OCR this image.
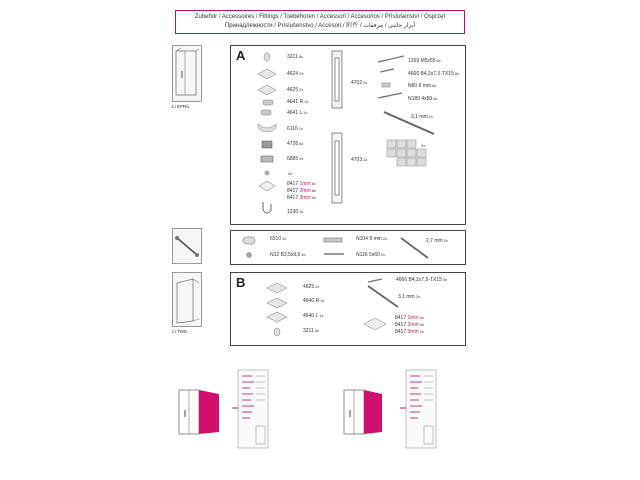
Zubehör / Accessoires / Fittings / Toebehoren / Accessori / Accesorios / Příslušenství / Osprzęt
Принадлежности / Príslušenstvo / Accesori / 附件 / أبزار جانبی / مرفقات
LI EPR/L
LI TWD
A	32116x
46242x
46252x
4641 R1x
4641 L1x
61161x
47266x
68852x
2x
8417 1mm8x
8417 2mm8x
8417 3mm4x
12301x
47022x
47032x
1269 M5x556x
4666 B4,2x7,5-TX156x
N60 6 mm6x
N189 4x506x
3,1 mm2x
2x
65104x
N12 B3,5x9,54x
N104 8 mm2x
N116 5x602x
2,7 mm2x
B	46251x
4640 R1x
4640 L1x
32113x
4666 B4,2x7,5-TX153x
3,1 mm2x
8417 1mm4x
8417 2mm4x
8417 3mm2x
